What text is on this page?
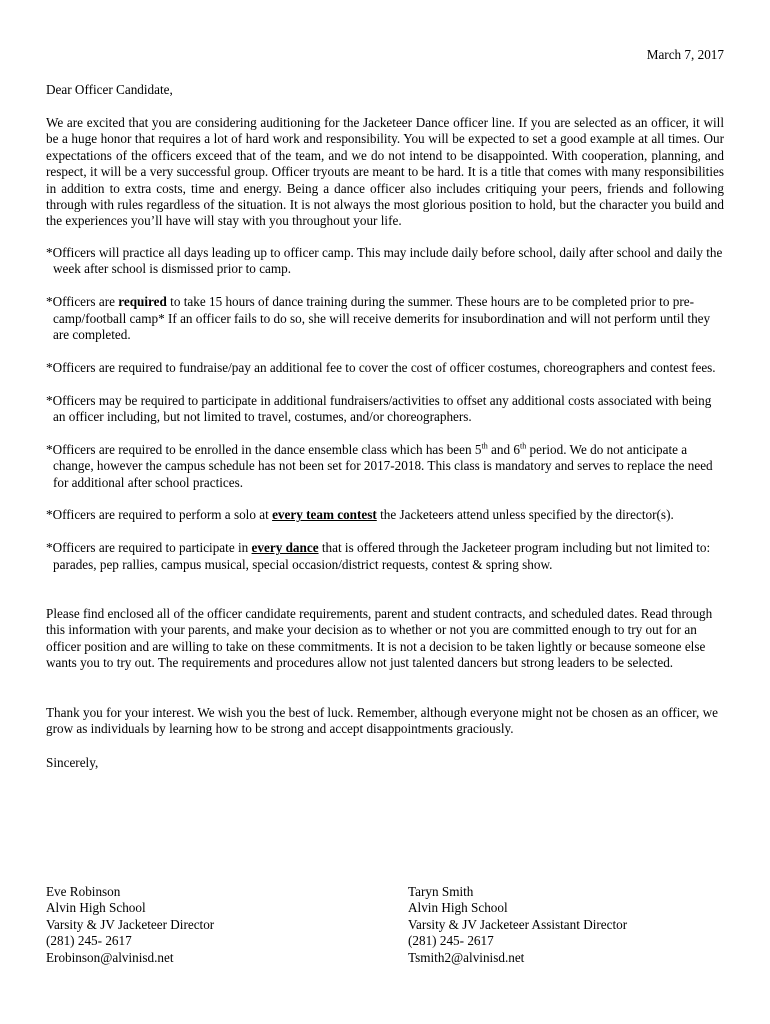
March 7, 2017
Dear Officer Candidate,

We are excited that you are considering auditioning for the Jacketeer Dance officer line. If you are selected as an officer, it will be a huge honor that requires a lot of hard work and responsibility. You will be expected to set a good example at all times. Our expectations of the officers exceed that of the team, and we do not intend to be disappointed. With cooperation, planning, and respect, it will be a very successful group. Officer tryouts are meant to be hard. It is a title that comes with many responsibilities in addition to extra costs, time and energy. Being a dance officer also includes critiquing your peers, friends and following through with rules regardless of the situation. It is not always the most glorious position to hold, but the character you build and the experiences you’ll have will stay with you throughout your life.

*Officers will practice all days leading up to officer camp. This may include daily before school, daily after school and daily the week after school is dismissed prior to camp.
*Officers are required to take 15 hours of dance training during the summer. These hours are to be completed prior to pre-camp/football camp* If an officer fails to do so, she will receive demerits for insubordination and will not perform until they are completed.
*Officers are required to fundraise/pay an additional fee to cover the cost of officer costumes, choreographers and contest fees.
*Officers may be required to participate in additional fundraisers/activities to offset any additional costs associated with being an officer including, but not limited to travel, costumes, and/or choreographers.
*Officers are required to be enrolled in the dance ensemble class which has been 5th and 6th period. We do not anticipate a change, however the campus schedule has not been set for 2017-2018. This class is mandatory and serves to replace the need for additional after school practices.
*Officers are required to perform a solo at every team contest the Jacketeers attend unless specified by the director(s).
*Officers are required to participate in every dance that is offered through the Jacketeer program including but not limited to: parades, pep rallies, campus musical, special occasion/district requests, contest & spring show.

Please find enclosed all of the officer candidate requirements, parent and student contracts, and scheduled dates. Read through this information with your parents, and make your decision as to whether or not you are committed enough to try out for an officer position and are willing to take on these commitments. It is not a decision to be taken lightly or because someone else wants you to try out. The requirements and procedures allow not just talented dancers but strong leaders to be selected.

Thank you for your interest. We wish you the best of luck. Remember, although everyone might not be chosen as an officer, we grow as individuals by learning how to be strong and accept disappointments graciously.

Sincerely,

Eve Robinson
Alvin High School
Varsity & JV Jacketeer Director
(281) 245- 2617
Erobinson@alvinisd.net
Taryn Smith
Alvin High School
Varsity & JV Jacketeer Assistant Director
(281) 245- 2617
Tsmith2@alvinisd.net
